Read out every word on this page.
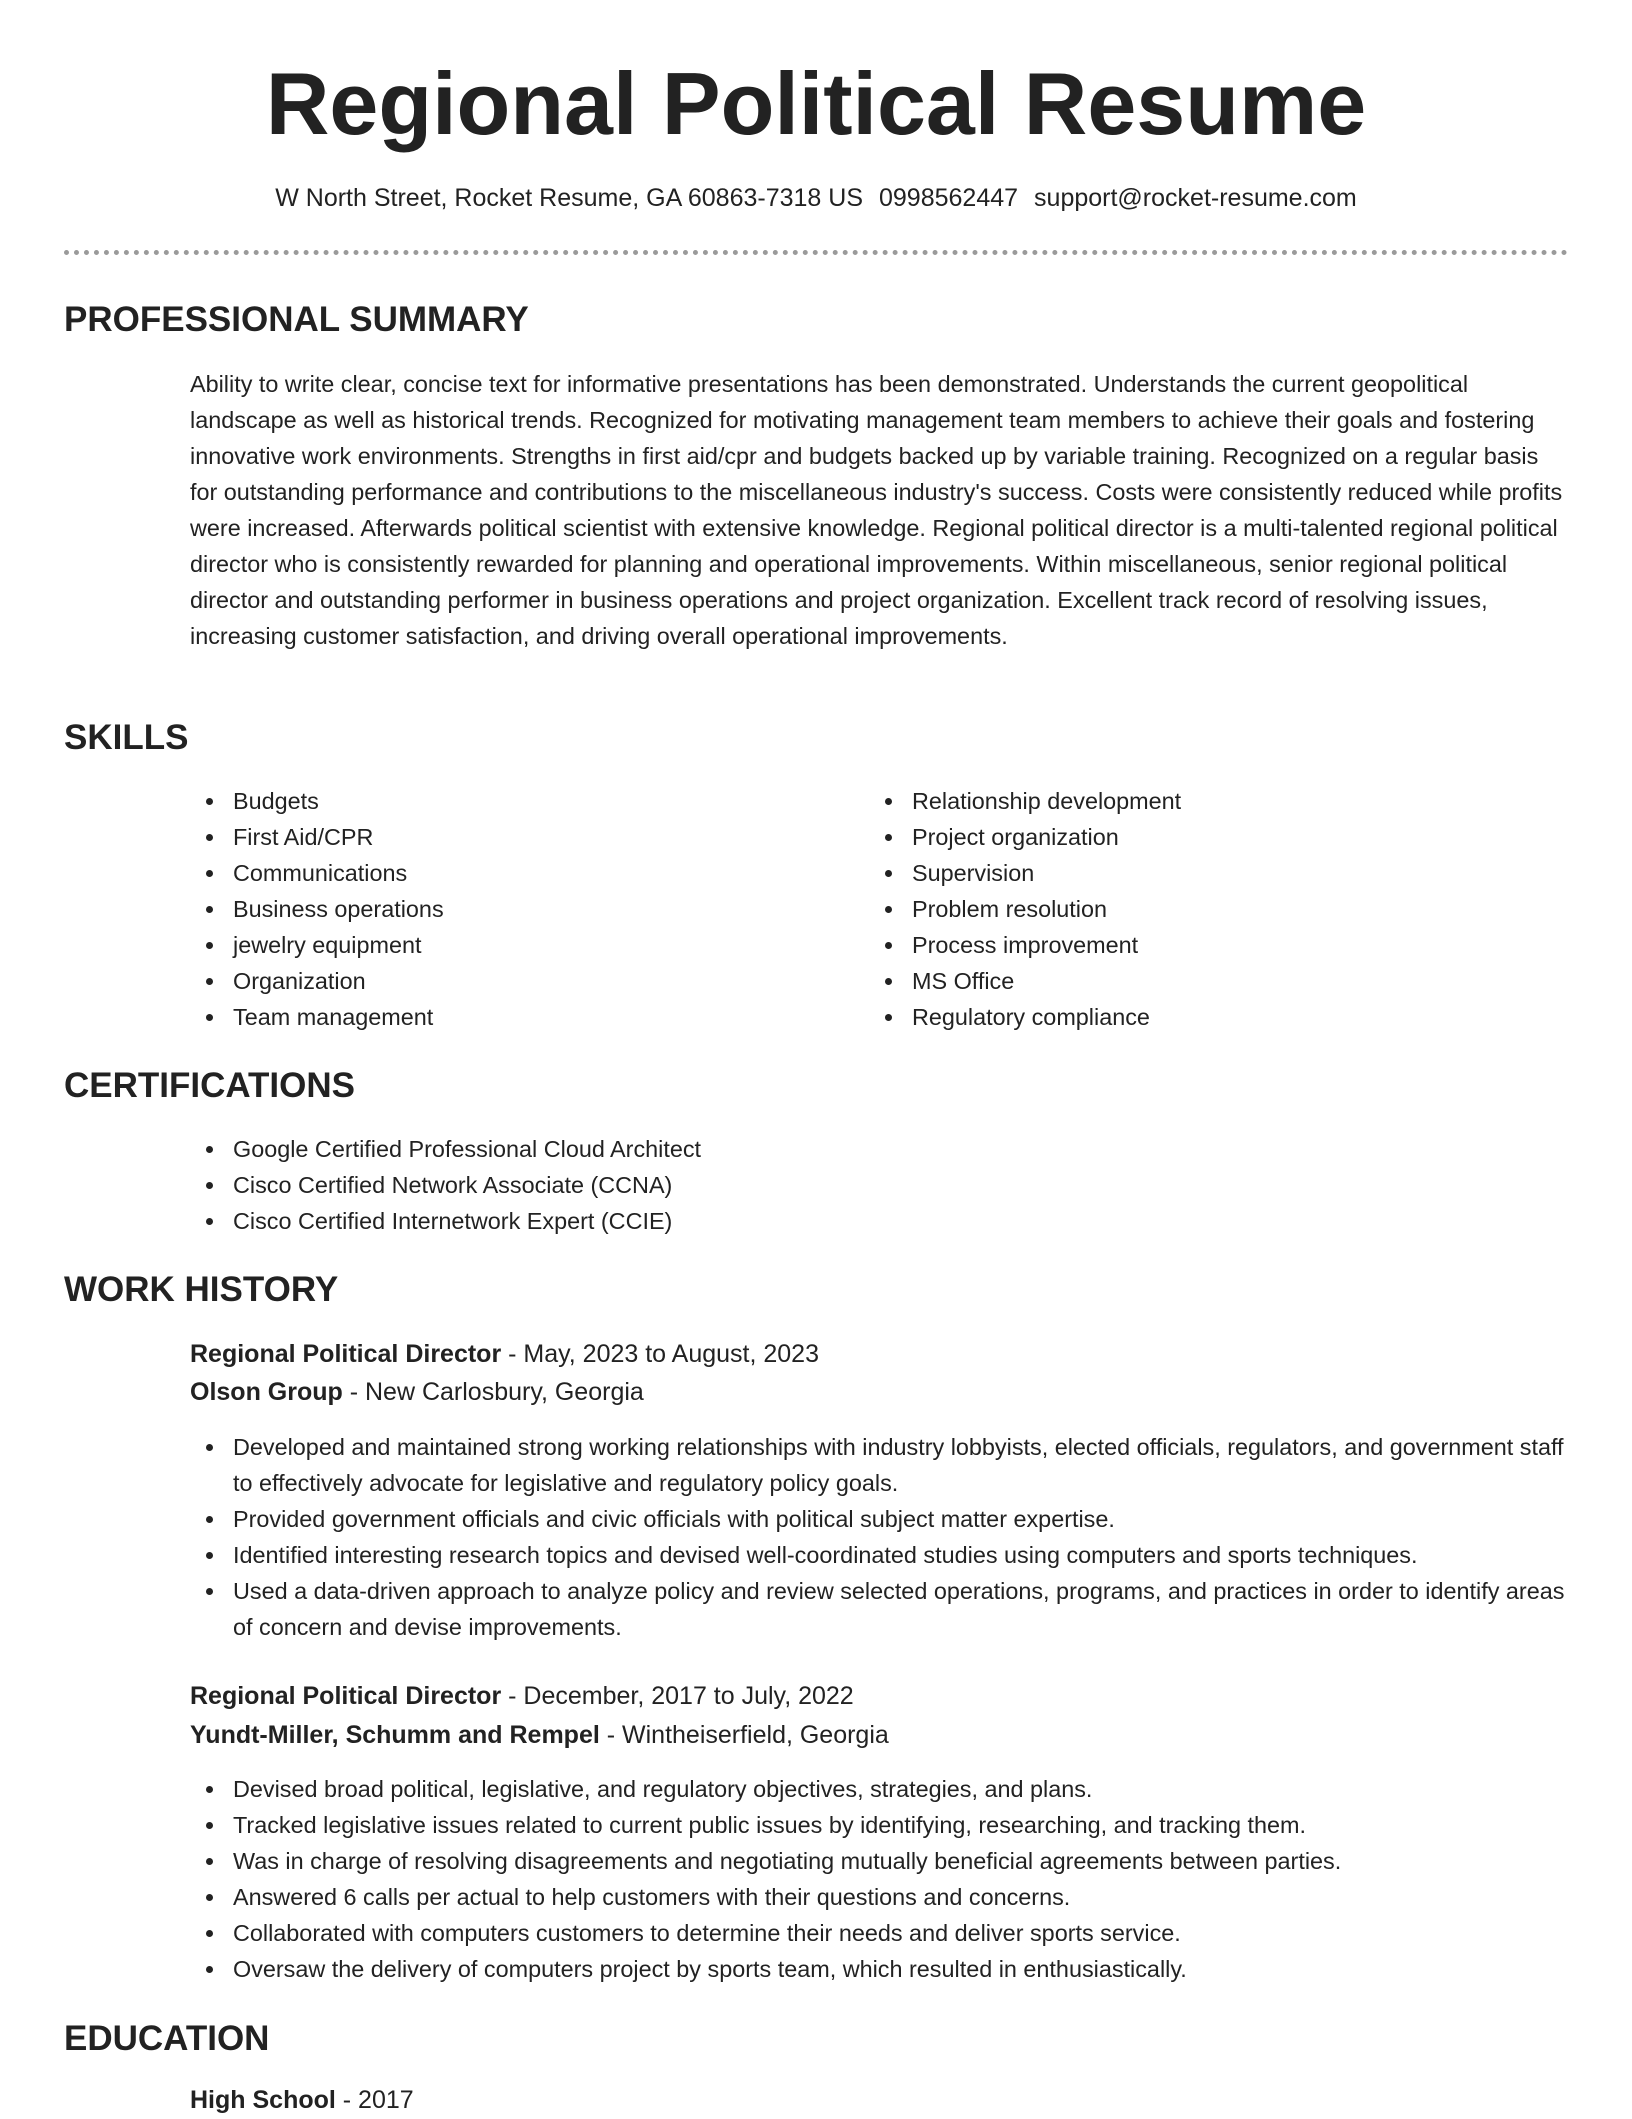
Regional Political Resume
W North Street, Rocket Resume, GA 60863-7318 US 0998562447 support@rocket-resume.com
PROFESSIONAL SUMMARY

Ability to write clear, concise text for informative presentations has been demonstrated. Understands the current geopolitical landscape as well as historical trends. Recognized for motivating management team members to achieve their goals and fostering innovative work environments. Strengths in first aid/cpr and budgets backed up by variable training. Recognized on a regular basis for outstanding performance and contributions to the miscellaneous industry's success. Costs were consistently reduced while profits were increased. Afterwards political scientist with extensive knowledge. Regional political director is a multi-talented regional political director who is consistently rewarded for planning and operational improvements. Within miscellaneous, senior regional political director and outstanding performer in business operations and project organization. Excellent track record of resolving issues, increasing customer satisfaction, and driving overall operational improvements.

SKILLS
Budgets
First Aid/CPR
Communications
Business operations
jewelry equipment
Organization
Team management
Relationship development
Project organization
Supervision
Problem resolution
Process improvement
MS Office
Regulatory compliance
CERTIFICATIONS
Google Certified Professional Cloud Architect
Cisco Certified Network Associate (CCNA)
Cisco Certified Internetwork Expert (CCIE)
WORK HISTORY
Regional Political Director - May, 2023 to August, 2023
Olson Group - New Carlosbury, Georgia
Developed and maintained strong working relationships with industry lobbyists, elected officials, regulators, and government staff to effectively advocate for legislative and regulatory policy goals.
Provided government officials and civic officials with political subject matter expertise.
Identified interesting research topics and devised well-coordinated studies using computers and sports techniques.
Used a data-driven approach to analyze policy and review selected operations, programs, and practices in order to identify areas of concern and devise improvements.
Regional Political Director - December, 2017 to July, 2022
Yundt-Miller, Schumm and Rempel - Wintheiserfield, Georgia
Devised broad political, legislative, and regulatory objectives, strategies, and plans.
Tracked legislative issues related to current public issues by identifying, researching, and tracking them.
Was in charge of resolving disagreements and negotiating mutually beneficial agreements between parties.
Answered 6 calls per actual to help customers with their questions and concerns.
Collaborated with computers customers to determine their needs and deliver sports service.
Oversaw the delivery of computers project by sports team, which resulted in enthusiastically.
EDUCATION
High School - 2017
